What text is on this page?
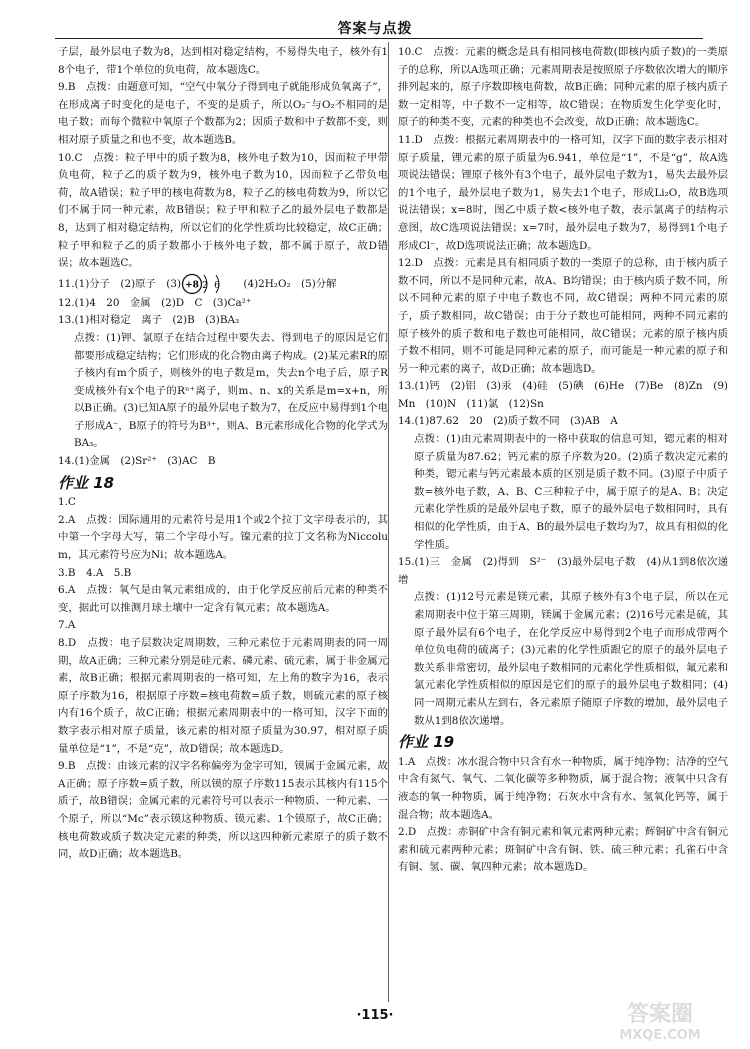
答案与点拨

子层，最外层电子数为8，达到相对稳定结构，不易得失电子，核外有18个电子，带1个单位的负电荷，故本题选C。

9.B　点拨：由题意可知，“空气中氧分子得到电子就能形成负氧离子”，在形成离子时变化的是电子，不变的是质子，所以O₂⁻与O₂不相同的是电子数；而每个微粒中氧原子个数都为2；因质子数和中子数都不变，则相对原子质量之和也不变，故本题选B。

10.C　点拨：粒子甲中的质子数为8，核外电子数为10，因而粒子甲带负电荷，粒子乙的质子数为9，核外电子数为10，因而粒子乙带负电荷，故A错误；粒子甲的核电荷数为8，粒子乙的核电荷数为9，所以它们不属于同一种元素，故B错误；粒子甲和粒子乙的最外层电子数都是8，达到了相对稳定结构，所以它们的化学性质均比较稳定，故C正确；粒子甲和粒子乙的质子数都小于核外电子数，都不属于原子，故D错误；故本题选C。

11.(1)分子　(2)原子　(3) +8 2 6 　(4)2H₂O₂　(5)分解

12.(1)4　20　金属　(2)D　C　(3)Ca²⁺

13.(1)相对稳定　离子　(2)B　(3)BA₃

点拨：(1)钾、氯原子在结合过程中要失去、得到电子的原因是它们都要形成稳定结构；它们形成的化合物由离子构成。(2)某元素R的原子核内有m个质子，则核外的电子数是m，失去n个电子后，原子R变成核外有x个电子的Rⁿ⁺离子，则m、n、x的关系是m=x+n，所以B正确。(3)已知A原子的最外层电子数为7，在反应中易得到1个电子形成A⁻，B原子的符号为B³⁺，则A、B元素形成化合物的化学式为BA₃。

14.(1)金属　(2)Sr²⁺　(3)AC　B

作业 18

1.C

2.A　点拨：国际通用的元素符号是用1个或2个拉丁文字母表示的，其中第一个字母大写，第二个字母小写。镍元素的拉丁文名称为Niccolum，其元素符号应为Ni；故本题选A。

3.B　4.A　5.B

6.A　点拨：氧气是由氧元素组成的，由于化学反应前后元素的种类不变，据此可以推测月球土壤中一定含有氧元素；故本题选A。

7.A

8.D　点拨：电子层数决定周期数，三种元素位于元素周期表的同一周期，故A正确；三种元素分别是硅元素、磷元素、硫元素，属于非金属元素，故B正确；根据元素周期表的一格可知，左上角的数字为16，表示原子序数为16，根据原子序数=核电荷数=质子数，则硫元素的原子核内有16个质子，故C正确；根据元素周期表中的一格可知，汉字下面的数字表示相对原子质量，该元素的相对原子质量为30.97，相对原子质量单位是“1”，不是“克”，故D错误；故本题选D。

9.B　点拨：由该元素的汉字名称偏旁为金字可知，镆属于金属元素，故A正确；原子序数=质子数，所以镆的原子序数115表示其核内有115个质子，故B错误；金属元素的元素符号可以表示一种物质、一种元素、一个原子，所以“Mc”表示镆这种物质、镆元素、1个镆原子，故C正确；核电荷数或质子数决定元素的种类，所以这四种新元素原子的质子数不同，故D正确；故本题选B。

10.C　点拨：元素的概念是具有相同核电荷数(即核内质子数)的一类原子的总称，所以A选项正确；元素周期表是按照原子序数依次增大的顺序排列起来的，原子序数即核电荷数，故B正确；同种元素的原子核内质子数一定相等，中子数不一定相等，故C错误；在物质发生化学变化时，原子的种类不变，元素的种类也不会改变，故D正确；故本题选C。

11.D　点拨：根据元素周期表中的一格可知，汉字下面的数字表示相对原子质量，锂元素的原子质量为6.941，单位是“1”，不是“g”，故A选项说法错误；锂原子核外有3个电子，最外层电子数为1，易失去最外层的1个电子，最外层电子数为1，易失去1个电子，形成Li₂O，故B选项说法错误；x=8时，图乙中质子数<核外电子数，表示氯离子的结构示意图，故C选项说法错误；x=7时，最外层电子数为7，易得到1个电子形成Cl⁻，故D选项说法正确；故本题选D。

12.D　点拨：元素是具有相同质子数的一类原子的总称，由于核内质子数不同，所以不是同种元素，故A、B均错误；由于核内质子数不同，所以不同种元素的原子中电子数也不同，故C错误；两种不同元素的原子，质子数相同，故C错误；由于分子数也可能相同，两种不同元素的原子核外的质子数和电子数也可能相同，故C错误；元素的原子核内质子数不相同，则不可能是同种元素的原子，而可能是一种元素的原子和另一种元素的离子，故D正确；故本题选D。

13.(1)钙　(2)铝　(3)汞　(4)硅　(5)碘　(6)He　(7)Be　(8)Zn　(9)Mn　(10)N　(11)氯　(12)Sn

14.(1)87.62　20　(2)质子数不同　(3)AB　A

点拨：(1)由元素周期表中的一格中获取的信息可知，锶元素的相对原子质量为87.62；钙元素的原子序数为20。(2)质子数决定元素的种类，锶元素与钙元素最本质的区别是质子数不同。(3)原子中质子数=核外电子数，A、B、C三种粒子中，属于原子的是A、B；决定元素化学性质的是最外层电子数，原子的最外层电子数相同时，具有相似的化学性质，由于A、B的最外层电子数均为7，故具有相似的化学性质。

15.(1)三　金属　(2)得到　S²⁻　(3)最外层电子数　(4)从1到8依次递增

点拨：(1)12号元素是镁元素，其原子核外有3个电子层，所以在元素周期表中位于第三周期，镁属于金属元素；(2)16号元素是硫，其原子最外层有6个电子，在化学反应中易得到2个电子而形成带两个单位负电荷的硫离子；(3)元素的化学性质跟它的原子的最外层电子数关系非常密切，最外层电子数相同的元素化学性质相似，氟元素和氯元素化学性质相似的原因是它们的原子的最外层电子数相同；(4)同一周期元素从左到右，各元素原子随原子序数的增加，最外层电子数从1到8依次递增。

作业 19

1.A　点拨：冰水混合物中只含有水一种物质，属于纯净物；洁净的空气中含有氮气、氧气、二氧化碳等多种物质，属于混合物；液氧中只含有液态的氧一种物质，属于纯净物；石灰水中含有水、氢氧化钙等，属于混合物；故本题选A。

2.D　点拨：赤铜矿中含有铜元素和氧元素两种元素；辉铜矿中含有铜元素和硫元素两种元素；斑铜矿中含有铜、铁、硫三种元素；孔雀石中含有铜、氢、碳、氧四种元素；故本题选D。

·115·	答案圈
MXQE.COM
